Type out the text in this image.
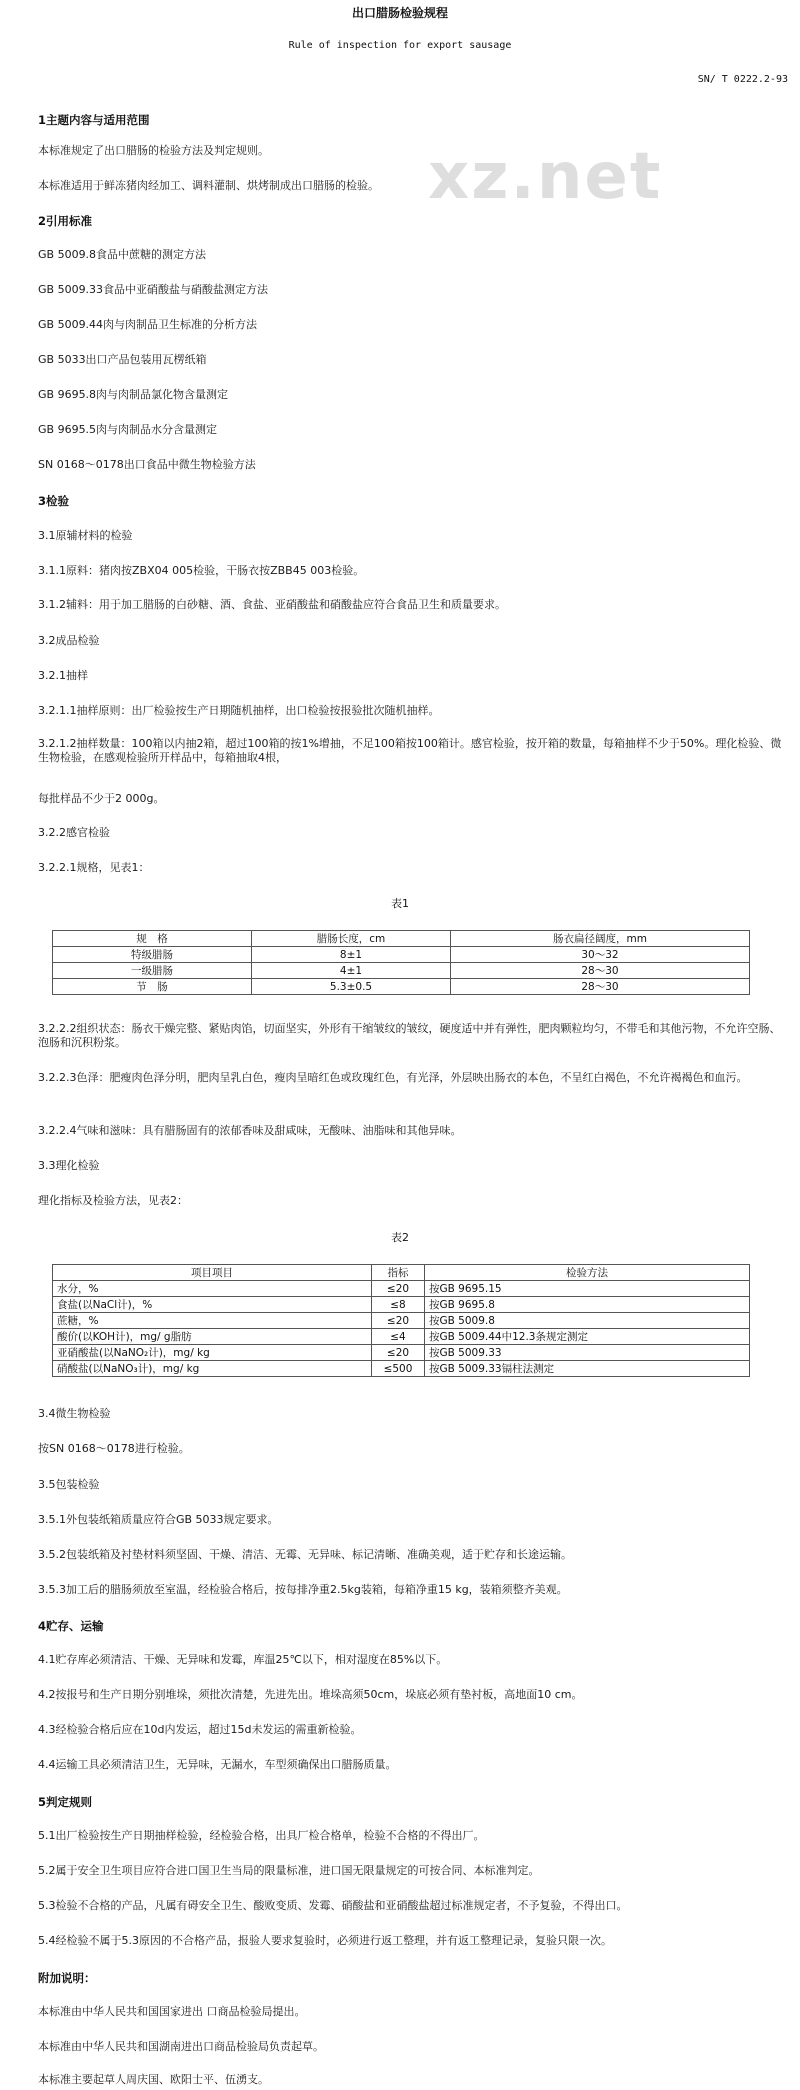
xz.net
出口腊肠检验规程
Rule of inspection for export sausage
SN/ T 0222.2-93
1主题内容与适用范围
本标准规定了出口腊肠的检验方法及判定规则。
本标准适用于鲜冻猪肉经加工、调料灌制、烘烤制成出口腊肠的检验。
2引用标准
GB 5009.8食品中蔗糖的测定方法
GB 5009.33食品中亚硝酸盐与硝酸盐测定方法
GB 5009.44肉与肉制品卫生标准的分析方法
GB 5033出口产品包装用瓦楞纸箱
GB 9695.8肉与肉制品氯化物含量测定
GB 9695.5肉与肉制品水分含量测定
SN 0168～0178出口食品中微生物检验方法
3检验
3.1原辅材料的检验
3.1.1原料：猪肉按ZBX04 005检验，干肠衣按ZBB45 003检验。
3.1.2辅料：用于加工腊肠的白砂糖、酒、食盐、亚硝酸盐和硝酸盐应符合食品卫生和质量要求。
3.2成品检验
3.2.1抽样
3.2.1.1抽样原则：出厂检验按生产日期随机抽样，出口检验按报验批次随机抽样。
3.2.1.2抽样数量：100箱以内抽2箱，超过100箱的按1%增抽，不足100箱按100箱计。感官检验，按开箱的数量，每箱抽样不少于50%。理化检验、微生物检验，在感观检验所开样品中，每箱抽取4根，
每批样品不少于2 000g。
3.2.2感官检验
3.2.2.1规格，见表1：
表1
规　格	腊肠长度，cm	肠衣扁径阔度，mm
特级腊肠	8±1	30～32
一级腊肠	4±1	28～30
节　肠	5.3±0.5	28～30
3.2.2.2组织状态：肠衣干燥完整、紧贴肉馅，切面坚实，外形有干缩皱纹的皱纹，硬度适中并有弹性，肥肉颗粒均匀，不带毛和其他污物，不允许空肠、泡肠和沉积粉浆。
3.2.2.3色泽：肥瘦肉色泽分明，肥肉呈乳白色，瘦肉呈暗红色或玫瑰红色，有光泽，外层映出肠衣的本色，不呈红白褐色，不允许褐褐色和血污。
3.2.2.4气味和滋味：具有腊肠固有的浓郁香味及甜咸味，无酸味、油脂味和其他异味。
3.3理化检验
理化指标及检验方法，见表2：
表2
项目项目	指标	检验方法
水分，%	≤20	按GB 9695.15
食盐(以NaCl计)，%	≤8	按GB 9695.8
蔗糖，%	≤20	按GB 5009.8
酸价(以KOH计)，mg/ g脂肪	≤4	按GB 5009.44中12.3条规定测定
亚硝酸盐(以NaNO₂计)，mg/ kg	≤20	按GB 5009.33
硝酸盐(以NaNO₃计)，mg/ kg	≤500	按GB 5009.33镉柱法测定
3.4微生物检验
按SN 0168～0178进行检验。
3.5包装检验
3.5.1外包装纸箱质量应符合GB 5033规定要求。
3.5.2包装纸箱及衬垫材料须坚固、干燥、清洁、无霉、无异味、标记清晰、准确美观，适于贮存和长途运输。
3.5.3加工后的腊肠须放至室温，经检验合格后，按每排净重2.5kg装箱，每箱净重15 kg，装箱须整齐美观。
4贮存、运输
4.1贮存库必须清洁、干燥、无异味和发霉，库温25℃以下，相对湿度在85%以下。
4.2按报号和生产日期分别堆垛，须批次清楚，先进先出。堆垛高须50cm，垛底必须有垫衬板，高地面10 cm。
4.3经检验合格后应在10d内发运，超过15d未发运的需重新检验。
4.4运输工具必须清洁卫生，无异味，无漏水，车型须确保出口腊肠质量。
5判定规则
5.1出厂检验按生产日期抽样检验，经检验合格，出具厂检合格单，检验不合格的不得出厂。
5.2属于安全卫生项目应符合进口国卫生当局的限量标准，进口国无限量规定的可按合同、本标准判定。
5.3检验不合格的产品，凡属有碍安全卫生、酸败变质、发霉、硝酸盐和亚硝酸盐超过标准规定者，不予复验，不得出口。
5.4经检验不属于5.3原因的不合格产品，报验人要求复验时，必须进行返工整理，并有返工整理记录，复验只限一次。
附加说明：
本标准由中华人民共和国国家进出 口商品检验局提出。
本标准由中华人民共和国湖南进出口商品检验局负责起草。
本标准主要起草人周庆国、欧阳士平、伍湧支。
